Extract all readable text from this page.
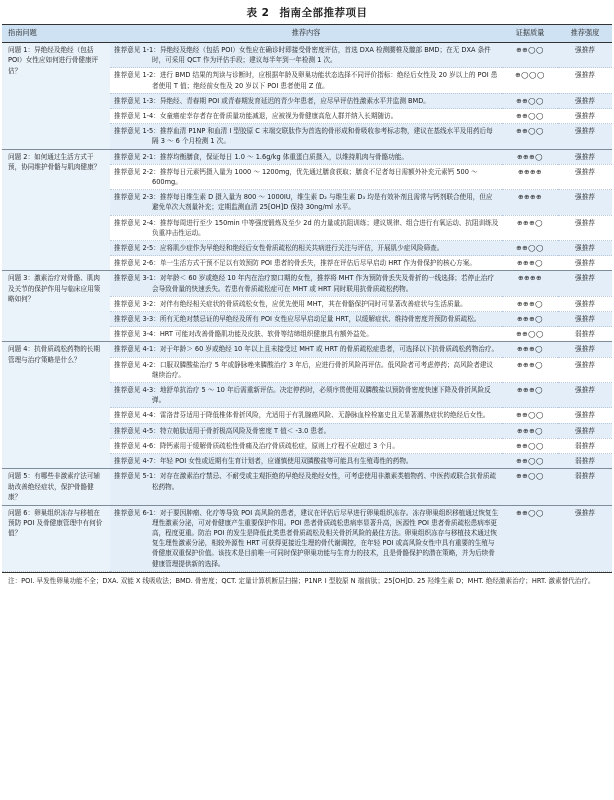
表 2 指南全部推荐项目
指南问题	推荐内容	证据质量	推荐强度
问题 1：异绝经及绝经（包括 POI）女性应如何进行骨健康评估？	推荐意见 1-1：异绝经及绝经（包括 POI）女性应在确诊时即接受骨密度评估，首选 DXA 检测腰椎及髋部 BMD；在无 DXA 条件时，可采用 QCT 作为评估手段；建议每半年到一年检测 1 次。	⊕⊕◯◯	强推荐
	推荐意见 1-2：进行 BMD 结果的判读与诊断时，应根据年龄及卵巢功能状态选择不同评价指标：绝经后女性及 20 岁以上的 POI 患者使用 T 值；绝经前女性及 20 岁以下 POI 患者使用 Z 值。	⊕◯◯◯	强推荐
	推荐意见 1-3：异绝经、青春期 POI 或青春期发育延迟的青少年患者，应尽早评估性激素水平并监测 BMD。	⊕⊕◯◯	强推荐
	推荐意见 1-4：女童癌症幸存者存在骨质量功能减退，应被视为骨健康高危人群并纳入长期随访。	⊕⊕◯◯	强推荐
	推荐意见 1-5：推荐血清 P1NP 和血清 I 型胶原 C 末端交联肽作为首选的骨形成和骨吸收参考标志物，建议在基线水平及用药后每隔 3 ～ 6 个月检测 1 次。	⊕⊕◯◯	强推荐
问题 2：如何通过生活方式干预，协同维护骨骼与肌肉健康？	推荐意见 2-1：推荐均衡膳食，保证每日 1.0 ～ 1.6g/kg 体重蛋白质摄入，以维持肌肉与骨骼功能。	⊕⊕⊕◯	强推荐
	推荐意见 2-2：推荐每日元素钙摄入量为 1000 ～ 1200mg，优先通过膳食获取；膳食不足者每日需额外补充元素钙 500 ～ 600mg。	⊕⊕⊕⊕	强推荐
	推荐意见 2-3：推荐每日维生素 D 摄入量为 800 ～ 1000IU，维生素 D₂ 与维生素 D₃ 均是有效补剂且需常与钙剂联合使用，但应避免单次大剂量补充；定期监测血清 25[OH]D 保持 30ng/ml 水平。	⊕⊕⊕⊕	强推荐
	推荐意见 2-4：推荐每周进行至少 150min 中等强度锻炼及至少 2d 的力量或抗阻训练；建议规律、组合进行有氧运动、抗阻训练及负重冲击性运动。	⊕⊕⊕◯	强推荐
	推荐意见 2-5：应将肌少症作为早绝经和绝经后女性骨质疏松的相关共病进行关注与评估，开展肌少症风险筛查。	⊕⊕◯◯	强推荐
	推荐意见 2-6：单一生活方式干预不足以有效预防 POI 患者的骨丢失，推荐在评估后尽早启动 HRT 作为骨保护的核心方案。	⊕⊕⊕◯	强推荐
问题 3：激素治疗对骨骼、肌肉及关节的保护作用与临床应用策略如何？	推荐意见 3-1：对年龄＜ 60 岁或绝经 10 年内在治疗窗口期的女性，推荐将 MHT 作为预防骨丢失及骨折的一线选择；若停止治疗会导致骨量的快速丢失。若患有骨质疏松症可在 MHT 或 HRT 同时联用抗骨质疏松药物。	⊕⊕⊕⊕	强推荐
	推荐意见 3-2：对伴有绝经相关症状的骨质疏松女性，应优先使用 MHT，其在骨骼保护同时可显著改善症状与生活质量。	⊕⊕⊕◯	强推荐
	推荐意见 3-3：所有无绝对禁忌证的早绝经及所有 POI 女性应尽早启动足量 HRT，以缓解症状、维持骨密度并预防骨质疏松。	⊕⊕⊕◯	强推荐
	推荐意见 3-4：HRT 可能对改善骨骼肌功能及皮肤、软骨等结缔组织健康具有额外益处。	⊕⊕◯◯	弱推荐
问题 4：抗骨质疏松药物的长期管理与治疗策略是什么？	推荐意见 4-1：对于年龄＞ 60 岁或绝经 10 年以上且未接受过 MHT 或 HRT 的骨质疏松症患者，可选择以下抗骨质疏松药物治疗。	⊕⊕⊕◯	强推荐
	推荐意见 4-2：口服双膦酸盐治疗 5 年或静脉唑来膦酸治疗 3 年后，应进行骨折风险再评估。低风险者可考虑停药；高风险者建议继续治疗。	⊕⊕⊕◯	强推荐
	推荐意见 4-3：地舒单抗治疗 5 ～ 10 年后需重新评估。决定停药时，必须序贯使用双膦酸盐以预防骨密度快速下降及骨折风险反弹。	⊕⊕⊕◯	强推荐
	推荐意见 4-4：雷洛昔芬适用于降低椎体骨折风险，尤适用于有乳腺癌风险、无静脉血栓栓塞史且无显著潮热症状的绝经后女性。	⊕⊕◯◯	强推荐
	推荐意见 4-5：特立帕肽适用于骨折极高风险及骨密度 T 值＜ -3.0 患者。	⊕⊕⊕◯	强推荐
	推荐意见 4-6：降钙素用于缓解骨质疏松性骨痛及治疗骨质疏松症，原则上疗程不应超过 3 个月。	⊕⊕◯◯	弱推荐
	推荐意见 4-7：年轻 POI 女性或近期有生育计划者，应谨慎使用双膦酸盐等可能具有生殖毒性的药物。	⊕⊕◯◯	弱推荐
问题 5：有哪些非激素疗法可辅助改善绝经症状，保护骨骼健康？	推荐意见 5-1：对存在激素治疗禁忌、不耐受或主观拒绝的早绝经及绝经女性，可考虑使用非激素类植物药、中医药或联合抗骨质疏松药物。	⊕⊕◯◯	弱推荐
问题 6：卵巢组织冻存与移植在预防 POI 及骨健康管理中有何价值？	推荐意见 6-1：对于要因肿瘤、化疗等导致 POI 高风险的患者，建议在评估后尽早进行卵巢组织冻存。冻存卵巢组织移植通过恢复生理性激素分泌，可对骨健康产生重要保护作用。POI 患者骨质疏松患病率显著升高，医源性 POI 患者骨质疏松患病率更高，程度更重。防治 POI 的发生是降低此类患者骨质疏松及相关骨折风险的最佳方法。卵巢组织冻存与移植技术通过恢复生理性激素分泌，相较外源性 HRT 可获得更接近生理的骨代谢调控，在年轻 POI 或高风险女性中具有重要的生殖与骨健康双重保护价值。该技术是目前唯一可同时保护卵巢功能与生育力的技术，且是骨骼保护的潜在策略，并为后续骨健康管理提供新的选择。	⊕⊕◯◯	强推荐
注：POI. 早发性卵巢功能不全；DXA. 双能 X 线吸收法；BMD. 骨密度；QCT. 定量计算机断层扫描；P1NP. I 型胶原 N 端前肽；25[OH]D. 25 羟维生素 D；MHT. 绝经激素治疗；HRT. 激素替代治疗。
